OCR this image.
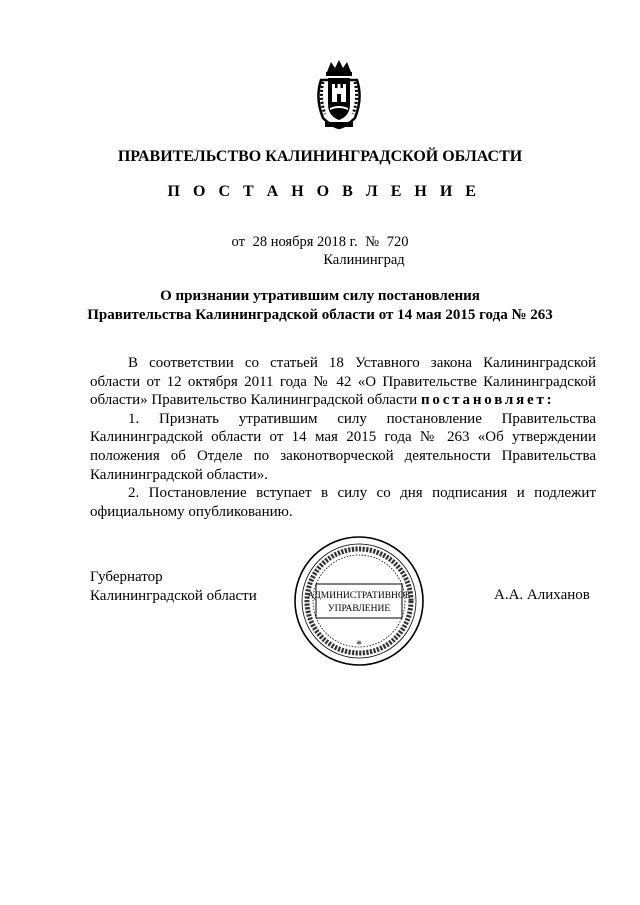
ПРАВИТЕЛЬСТВО КАЛИНИНГРАДСКОЙ ОБЛАСТИ
П О С Т А Н О В Л Е Н И Е
от 28 ноября 2018 г. № 720
Калининград
О признании утратившим силу постановления
Правительства Калининградской области от 14 мая 2015 года № 263

В соответствии со статьей 18 Уставного закона Калининградской области от 12 октября 2011 года № 42 «О Правительстве Калининградской области» Правительство Калининградской области постановляет:

1. Признать утратившим силу постановление Правительства Калининградской области от 14 мая 2015 года № 263 «Об утверждении положения об Отделе по законотворческой деятельности Правительства Калининградской области».

2. Постановление вступает в силу со дня подписания и подлежит официальному опубликованию.

Губернатор
Калининградской области	А.А. Алиханов
АДМИНИСТРАТИВНОЕ
УПРАВЛЕНИЕ
*
